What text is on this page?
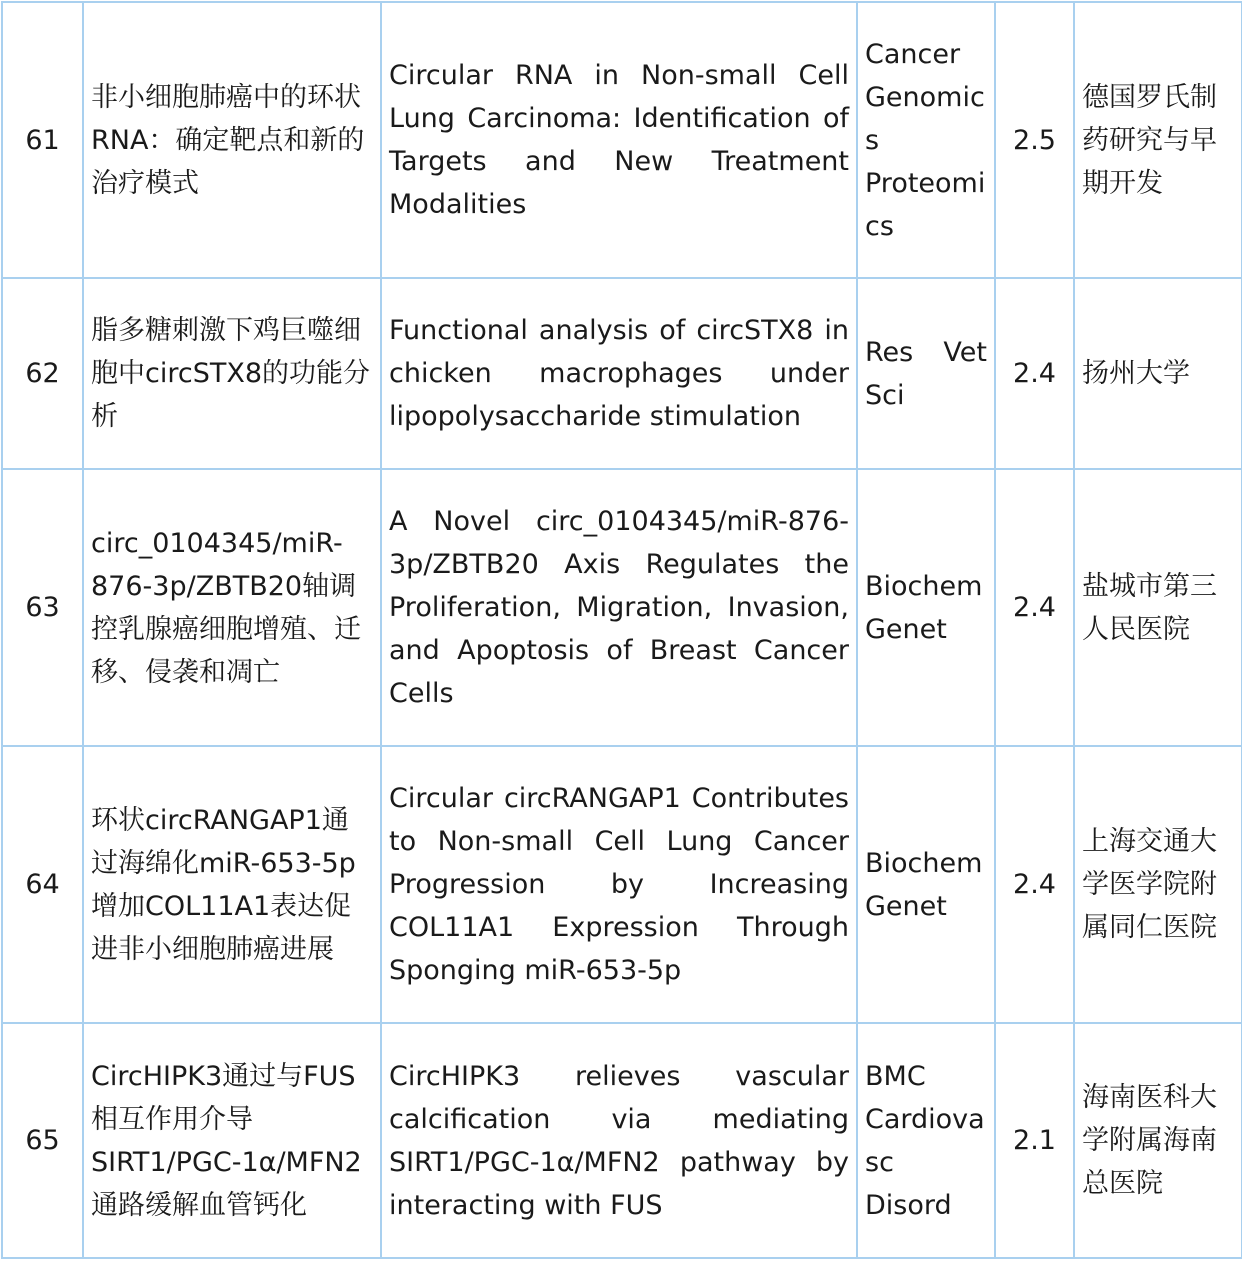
61	非小细胞肺癌中的环状 RNA：确定靶点和新的治疗模式	Circular RNA in Non-small Cell Lung Carcinoma: Identification of Targets and New Treatment Modalities	Cancer Genomics Proteomics	2.5	德国罗氏制药研究与早期开发
62	脂多糖刺激下鸡巨噬细胞中circSTX8的功能分析	Functional analysis of circSTX8 in chicken macrophages under lipopolysaccharide stimulation	Res Vet Sci	2.4	扬州大学
63	circ_0104345/miR-876-3p/ZBTB20轴调控乳腺癌细胞增殖、迁移、侵袭和凋亡	A Novel circ_0104345/miR-876-3p/ZBTB20 Axis Regulates the Proliferation, Migration, Invasion, and Apoptosis of Breast Cancer Cells	Biochem Genet	2.4	盐城市第三人民医院
64	环状circRANGAP1通过海绵化miR-653-5p增加COL11A1表达促进非小细胞肺癌进展	Circular circRANGAP1 Contributes to Non-small Cell Lung Cancer Progression by Increasing COL11A1 Expression Through Sponging miR-653-5p	Biochem Genet	2.4	上海交通大学医学院附属同仁医院
65	CircHIPK3通过与FUS相互作用介导SIRT1/PGC-1α/MFN2通路缓解血管钙化	CircHIPK3 relieves vascular calcification via mediating SIRT1/PGC-1α/MFN2 pathway by interacting with FUS	BMC Cardiovasc Disord	2.1	海南医科大学附属海南总医院
